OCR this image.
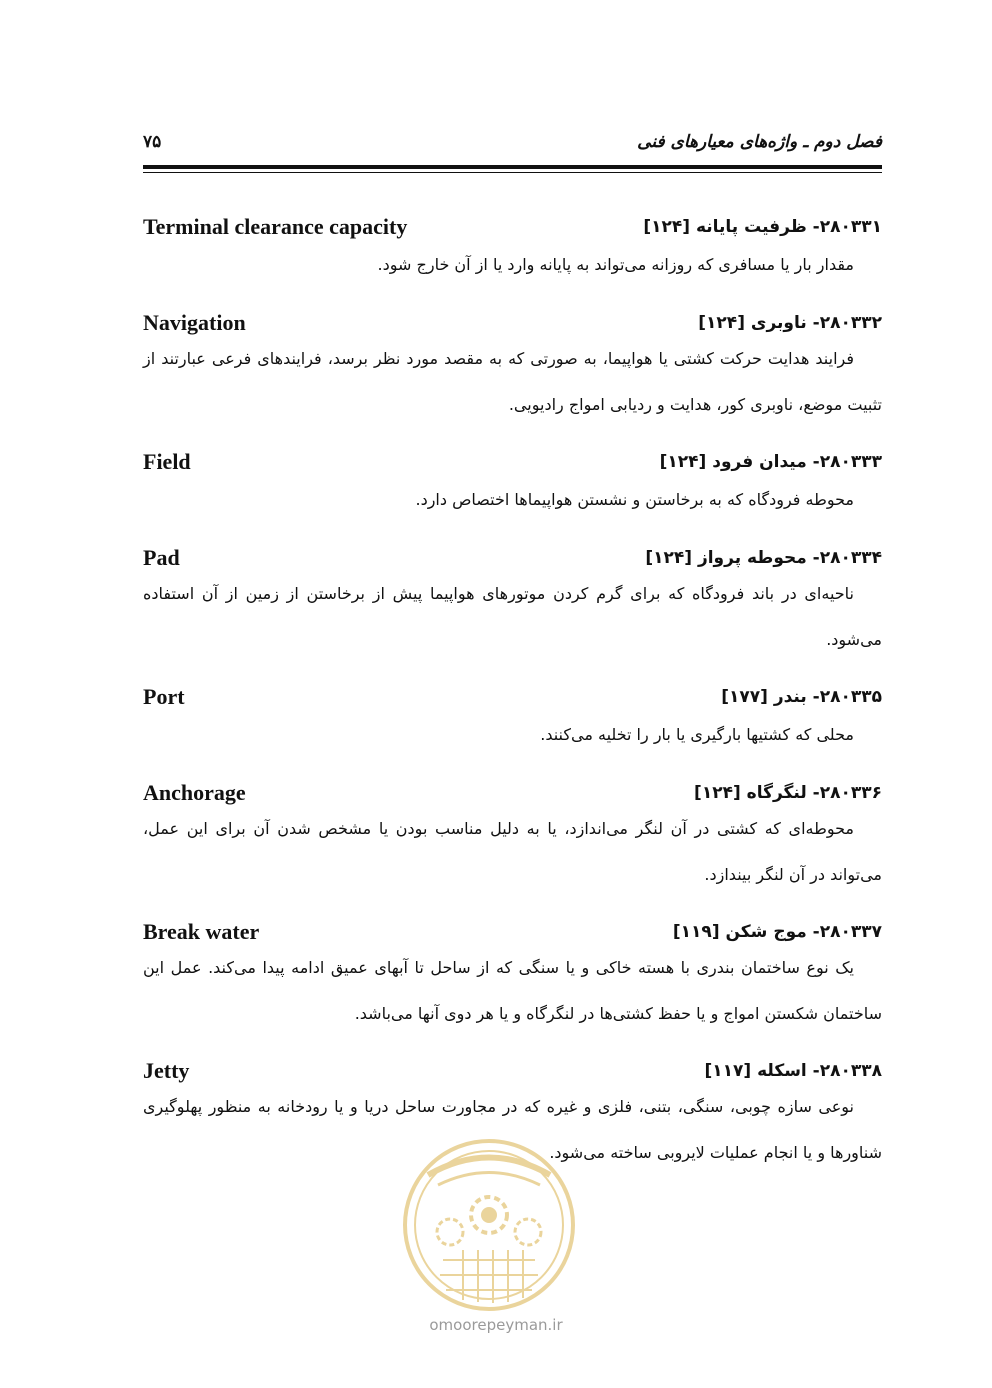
فصل دوم ـ واژه‌های معیارهای فنی
۷۵
Terminal clearance capacity	۲۸۰۳۳۱- ظرفیت پایانه [۱۲۴]
مقدار بار یا مسافری که روزانه می‌تواند به پایانه وارد یا از آن خارج شود.
Navigation	۲۸۰۳۳۲- ناوبری [۱۲۴]
فرایند هدایت حرکت کشتی یا هواپیما، به صورتی که به مقصد مورد نظر برسد، فرایندهای فرعی عبارتند از تثبیت موضع، ناوبری کور، هدایت و ردیابی امواج رادیویی.
Field	۲۸۰۳۳۳- میدان فرود [۱۲۴]
محوطه فرودگاه که به برخاستن و نشستن هواپیماها اختصاص دارد.
Pad	۲۸۰۳۳۴- محوطه پرواز [۱۲۴]
ناحیه‌ای در باند فرودگاه که برای گرم کردن موتورهای هواپیما پیش از برخاستن از زمین از آن استفاده می‌شود.
Port	۲۸۰۳۳۵- بندر [۱۷۷]
محلی که کشتیها بارگیری یا بار را تخلیه می‌کنند.
Anchorage	۲۸۰۳۳۶- لنگرگاه [۱۲۴]
محوطه‌ای که کشتی در آن لنگر می‌اندازد، یا به دلیل مناسب بودن یا مشخص شدن آن برای این عمل، می‌تواند در آن لنگر بیندازد.
Break water	۲۸۰۳۳۷- موج شکن [۱۱۹]
یک نوع ساختمان بندری با هسته خاکی و یا سنگی که از ساحل تا آبهای عمیق ادامه پیدا می‌کند. عمل این ساختمان شکستن امواج و یا حفظ کشتی‌ها در لنگرگاه و یا هر دوی آنها می‌باشد.
Jetty	۲۸۰۳۳۸- اسکله [۱۱۷]
نوعی سازه چوبی، سنگی، بتنی، فلزی و غیره که در مجاورت ساحل دریا و یا رودخانه به منظور پهلوگیری شناورها و یا انجام عملیات لایروبی ساخته می‌شود.
omoorepeyman.ir
